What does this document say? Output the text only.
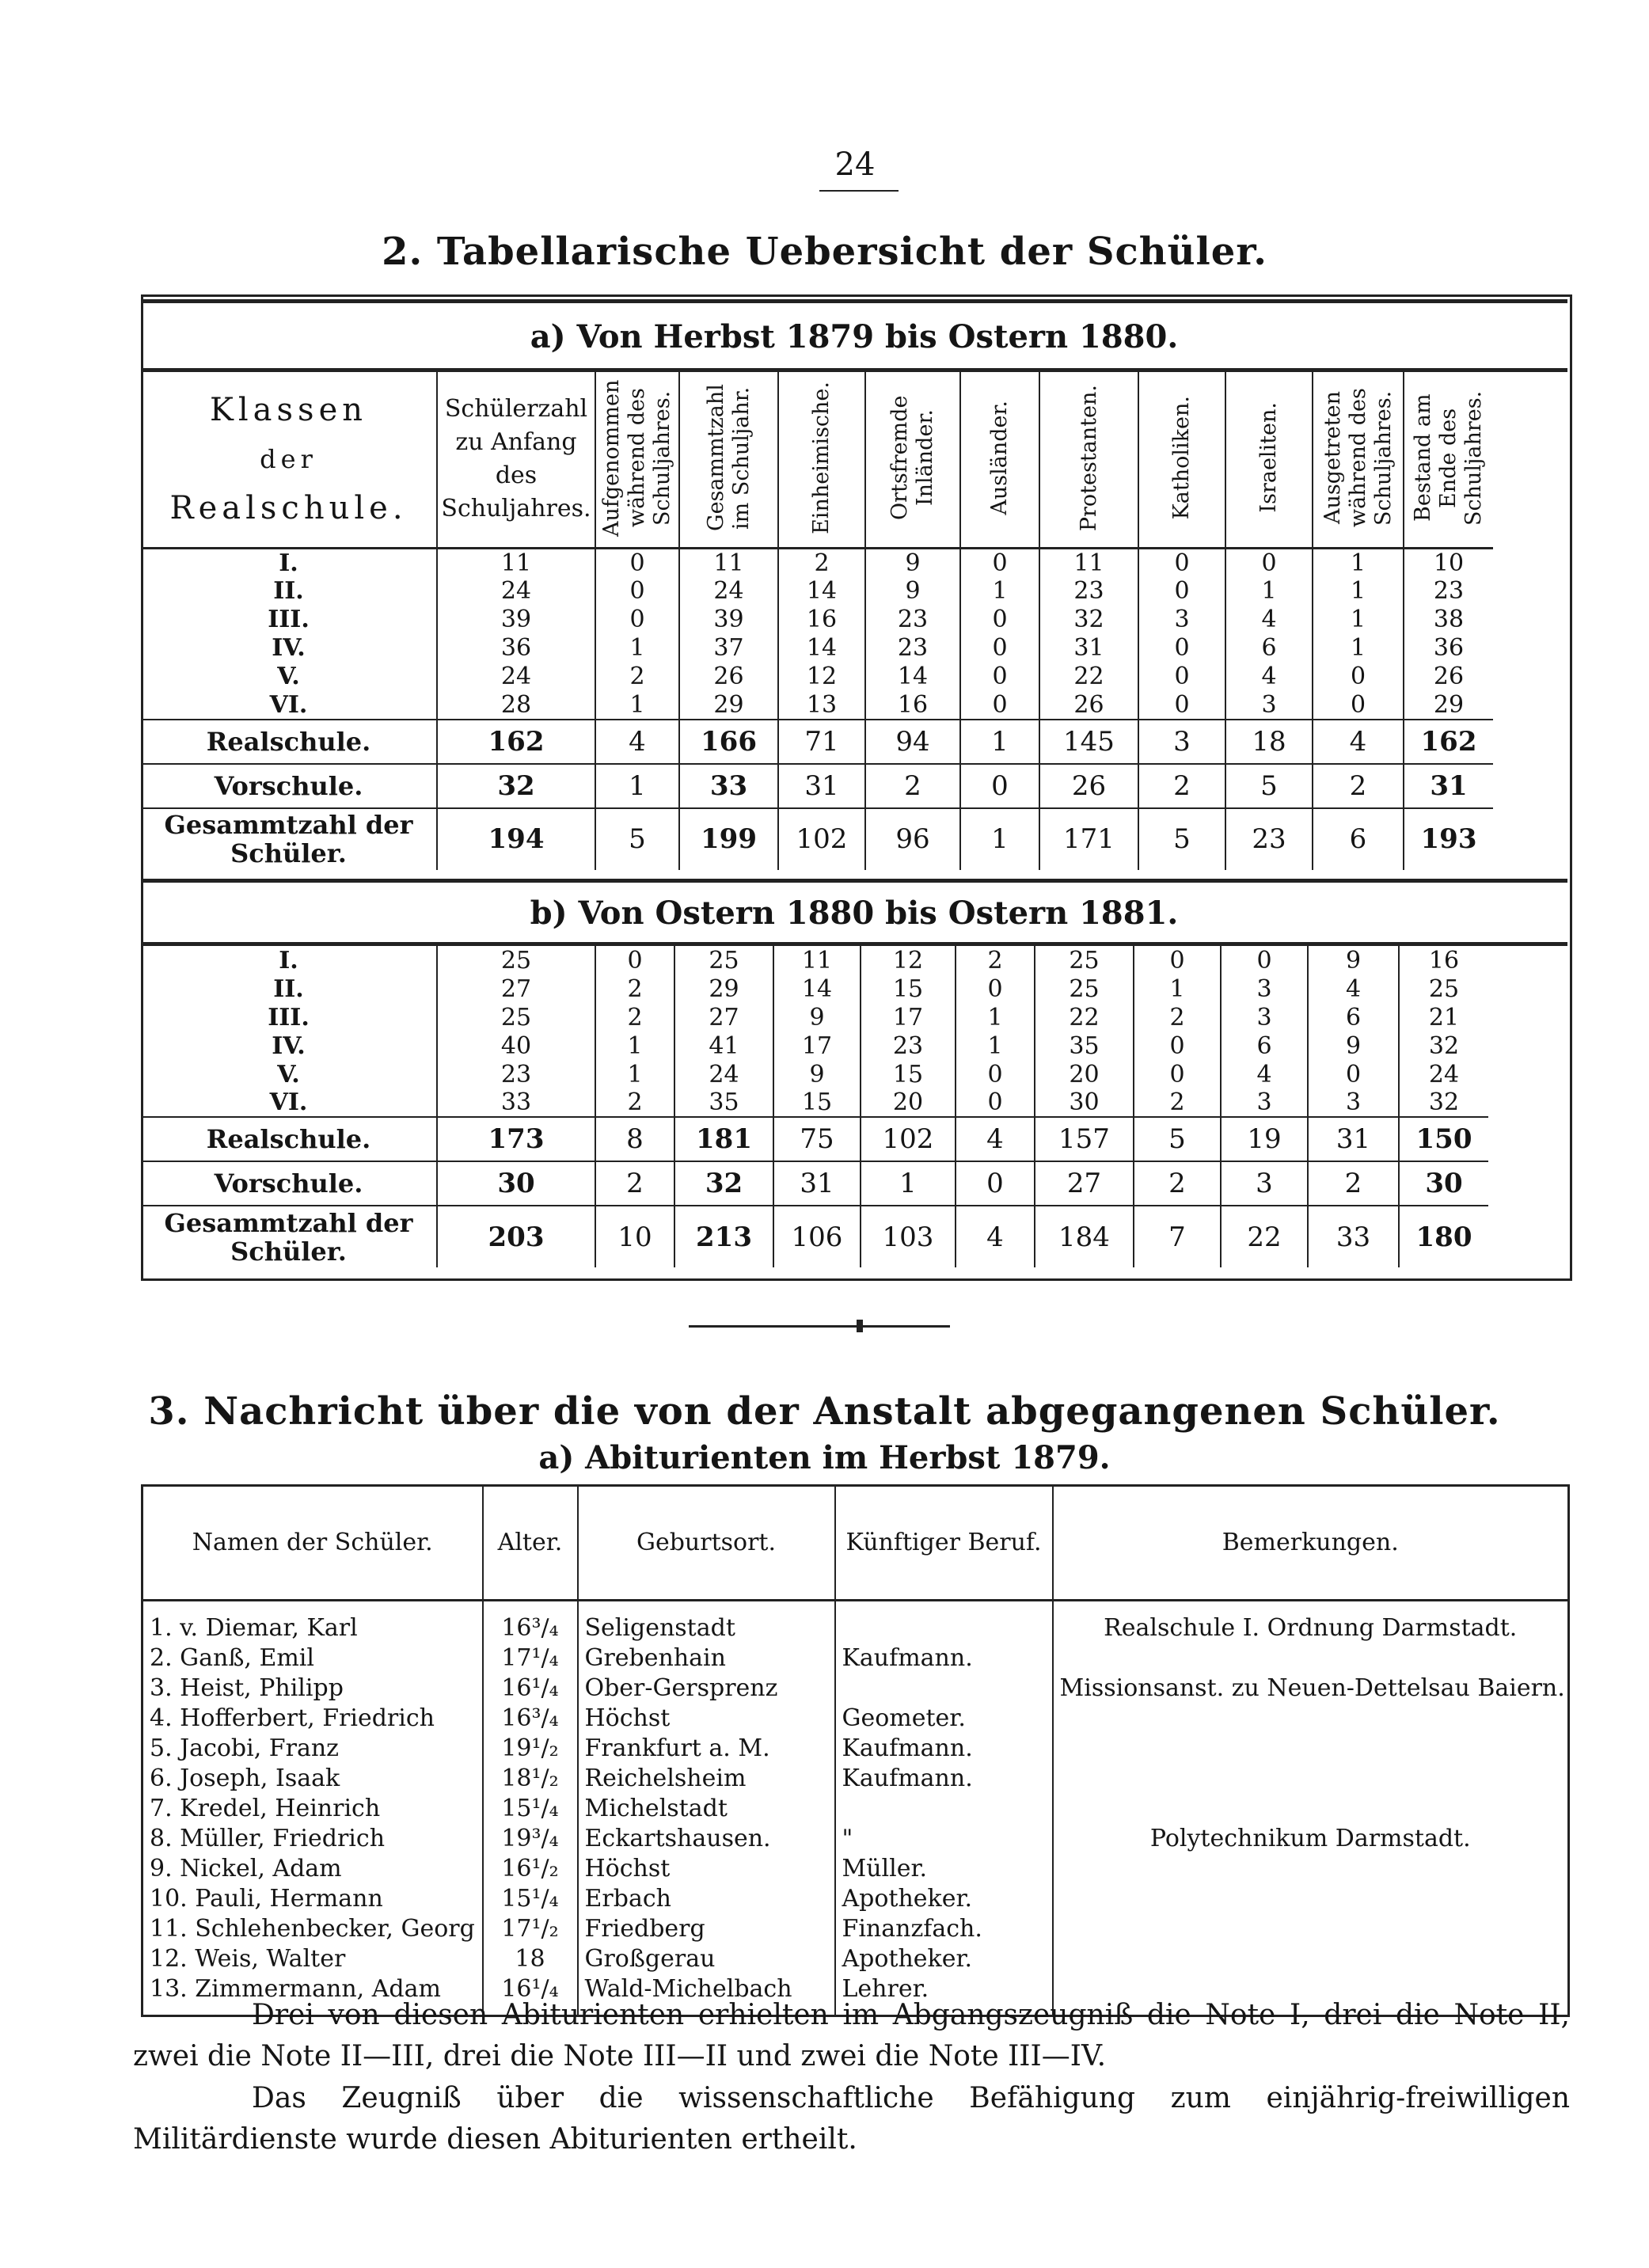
24
2. Tabellarische Uebersicht der Schüler.
a) Von Herbst 1879 bis Ostern 1880.
Klassen
der
Realschule.	Schülerzahl zu Anfang des Schuljahres.	Aufgenommen während des Schuljahres.	Gesammtzahl im Schuljahr.	Einheimische.	Ortsfremde Inländer.	Ausländer.	Protestanten.	Katholiken.	Israeliten.	Ausgetreten während des Schuljahres.	Bestand am Ende des Schuljahres.
I.	11	0	11	2	9	0	11	0	0	1	10
II.	24	0	24	14	9	1	23	0	1	1	23
III.	39	0	39	16	23	0	32	3	4	1	38
IV.	36	1	37	14	23	0	31	0	6	1	36
V.	24	2	26	12	14	0	22	0	4	0	26
VI.	28	1	29	13	16	0	26	0	3	0	29
Realschule.	162	4	166	71	94	1	145	3	18	4	162
Vorschule.	32	1	33	31	2	0	26	2	5	2	31
Gesammtzahl der Schüler.	194	5	199	102	96	1	171	5	23	6	193
b) Von Ostern 1880 bis Ostern 1881.
I.	25	0	25	11	12	2	25	0	0	9	16
II.	27	2	29	14	15	0	25	1	3	4	25
III.	25	2	27	9	17	1	22	2	3	6	21
IV.	40	1	41	17	23	1	35	0	6	9	32
V.	23	1	24	9	15	0	20	0	4	0	24
VI.	33	2	35	15	20	0	30	2	3	3	32
Realschule.	173	8	181	75	102	4	157	5	19	31	150
Vorschule.	30	2	32	31	1	0	27	2	3	2	30
Gesammtzahl der Schüler.	203	10	213	106	103	4	184	7	22	33	180
3. Nachricht über die von der Anstalt abgegangenen Schüler.
a) Abiturienten im Herbst 1879.
Namen der Schüler.	Alter.	Geburtsort.	Künftiger Beruf.	Bemerkungen.
1. v. Diemar, Karl	16³/₄	Seligenstadt		Realschule I. Ordnung Darmstadt.
2. Ganß, Emil	17¹/₄	Grebenhain	Kaufmann.	
3. Heist, Philipp	16¹/₄	Ober-Gersprenz		Missionsanst. zu Neuen-Dettelsau Baiern.
4. Hofferbert, Friedrich	16³/₄	Höchst	Geometer.	
5. Jacobi, Franz	19¹/₂	Frankfurt a. M.	Kaufmann.	
6. Joseph, Isaak	18¹/₂	Reichelsheim	Kaufmann.	
7. Kredel, Heinrich	15¹/₄	Michelstadt		
8. Müller, Friedrich	19³/₄	Eckartshausen.	"	Polytechnikum Darmstadt.
9. Nickel, Adam	16¹/₂	Höchst	Müller.	
10. Pauli, Hermann	15¹/₄	Erbach	Apotheker.	
11. Schlehenbecker, Georg	17¹/₂	Friedberg	Finanzfach.	
12. Weis, Walter	18	Großgerau	Apotheker.	
13. Zimmermann, Adam	16¹/₄	Wald-Michelbach	Lehrer.	
Drei von diesen Abiturienten erhielten im Abgangszeugniß die Note I, drei die Note II, zwei die Note II—III, drei die Note III—II und zwei die Note III—IV.
Das Zeugniß über die wissenschaftliche Befähigung zum einjährig-freiwilligen Militärdienste wurde diesen Abiturienten ertheilt.
